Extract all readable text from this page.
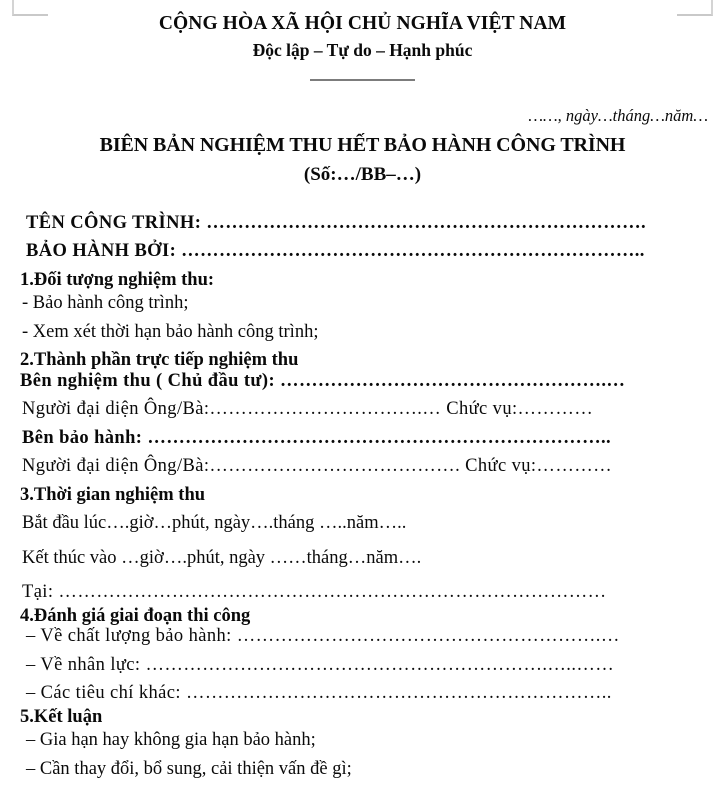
CỘNG HÒA XÃ HỘI CHỦ NGHĨA VIỆT NAM
Độc lập – Tự do – Hạnh phúc
……, ngày…tháng…năm…
BIÊN BẢN NGHIỆM THU HẾT BẢO HÀNH CÔNG TRÌNH
(Số:…/BB–…)
TÊN CÔNG TRÌNH: …………………………………………………………….
BẢO HÀNH BỞI: ………………………………………………………………..
1.Đối tượng nghiệm thu:
- Bảo hành công trình;
- Xem xét thời hạn bảo hành công trình;
2.Thành phần trực tiếp nghiệm thu
Bên nghiệm thu ( Chủ đầu tư): …………………………………………….…
Người đại diện Ông/Bà:…………………………….… Chức vụ:…………
Bên bảo hành: ………………………………………………………………..
Người đại diện Ông/Bà:…………………………………. Chức vụ:…………
3.Thời gian nghiệm thu
Bắt đầu lúc….giờ…phút, ngày….tháng …..năm…..
Kết thúc vào …giờ….phút, ngày ……tháng…năm….
Tại: ……………………………………………………………………………
4.Đánh giá giai đoạn thi công
– Về chất lượng bảo hành: ………………………………………………….…
– Về nhân lực: ……………………………………………………….…..……
– Các tiêu chí khác: …………………………………………………………..
5.Kết luận
– Gia hạn hay không gia hạn bảo hành;
– Cần thay đổi, bổ sung, cải thiện vấn đề gì;
